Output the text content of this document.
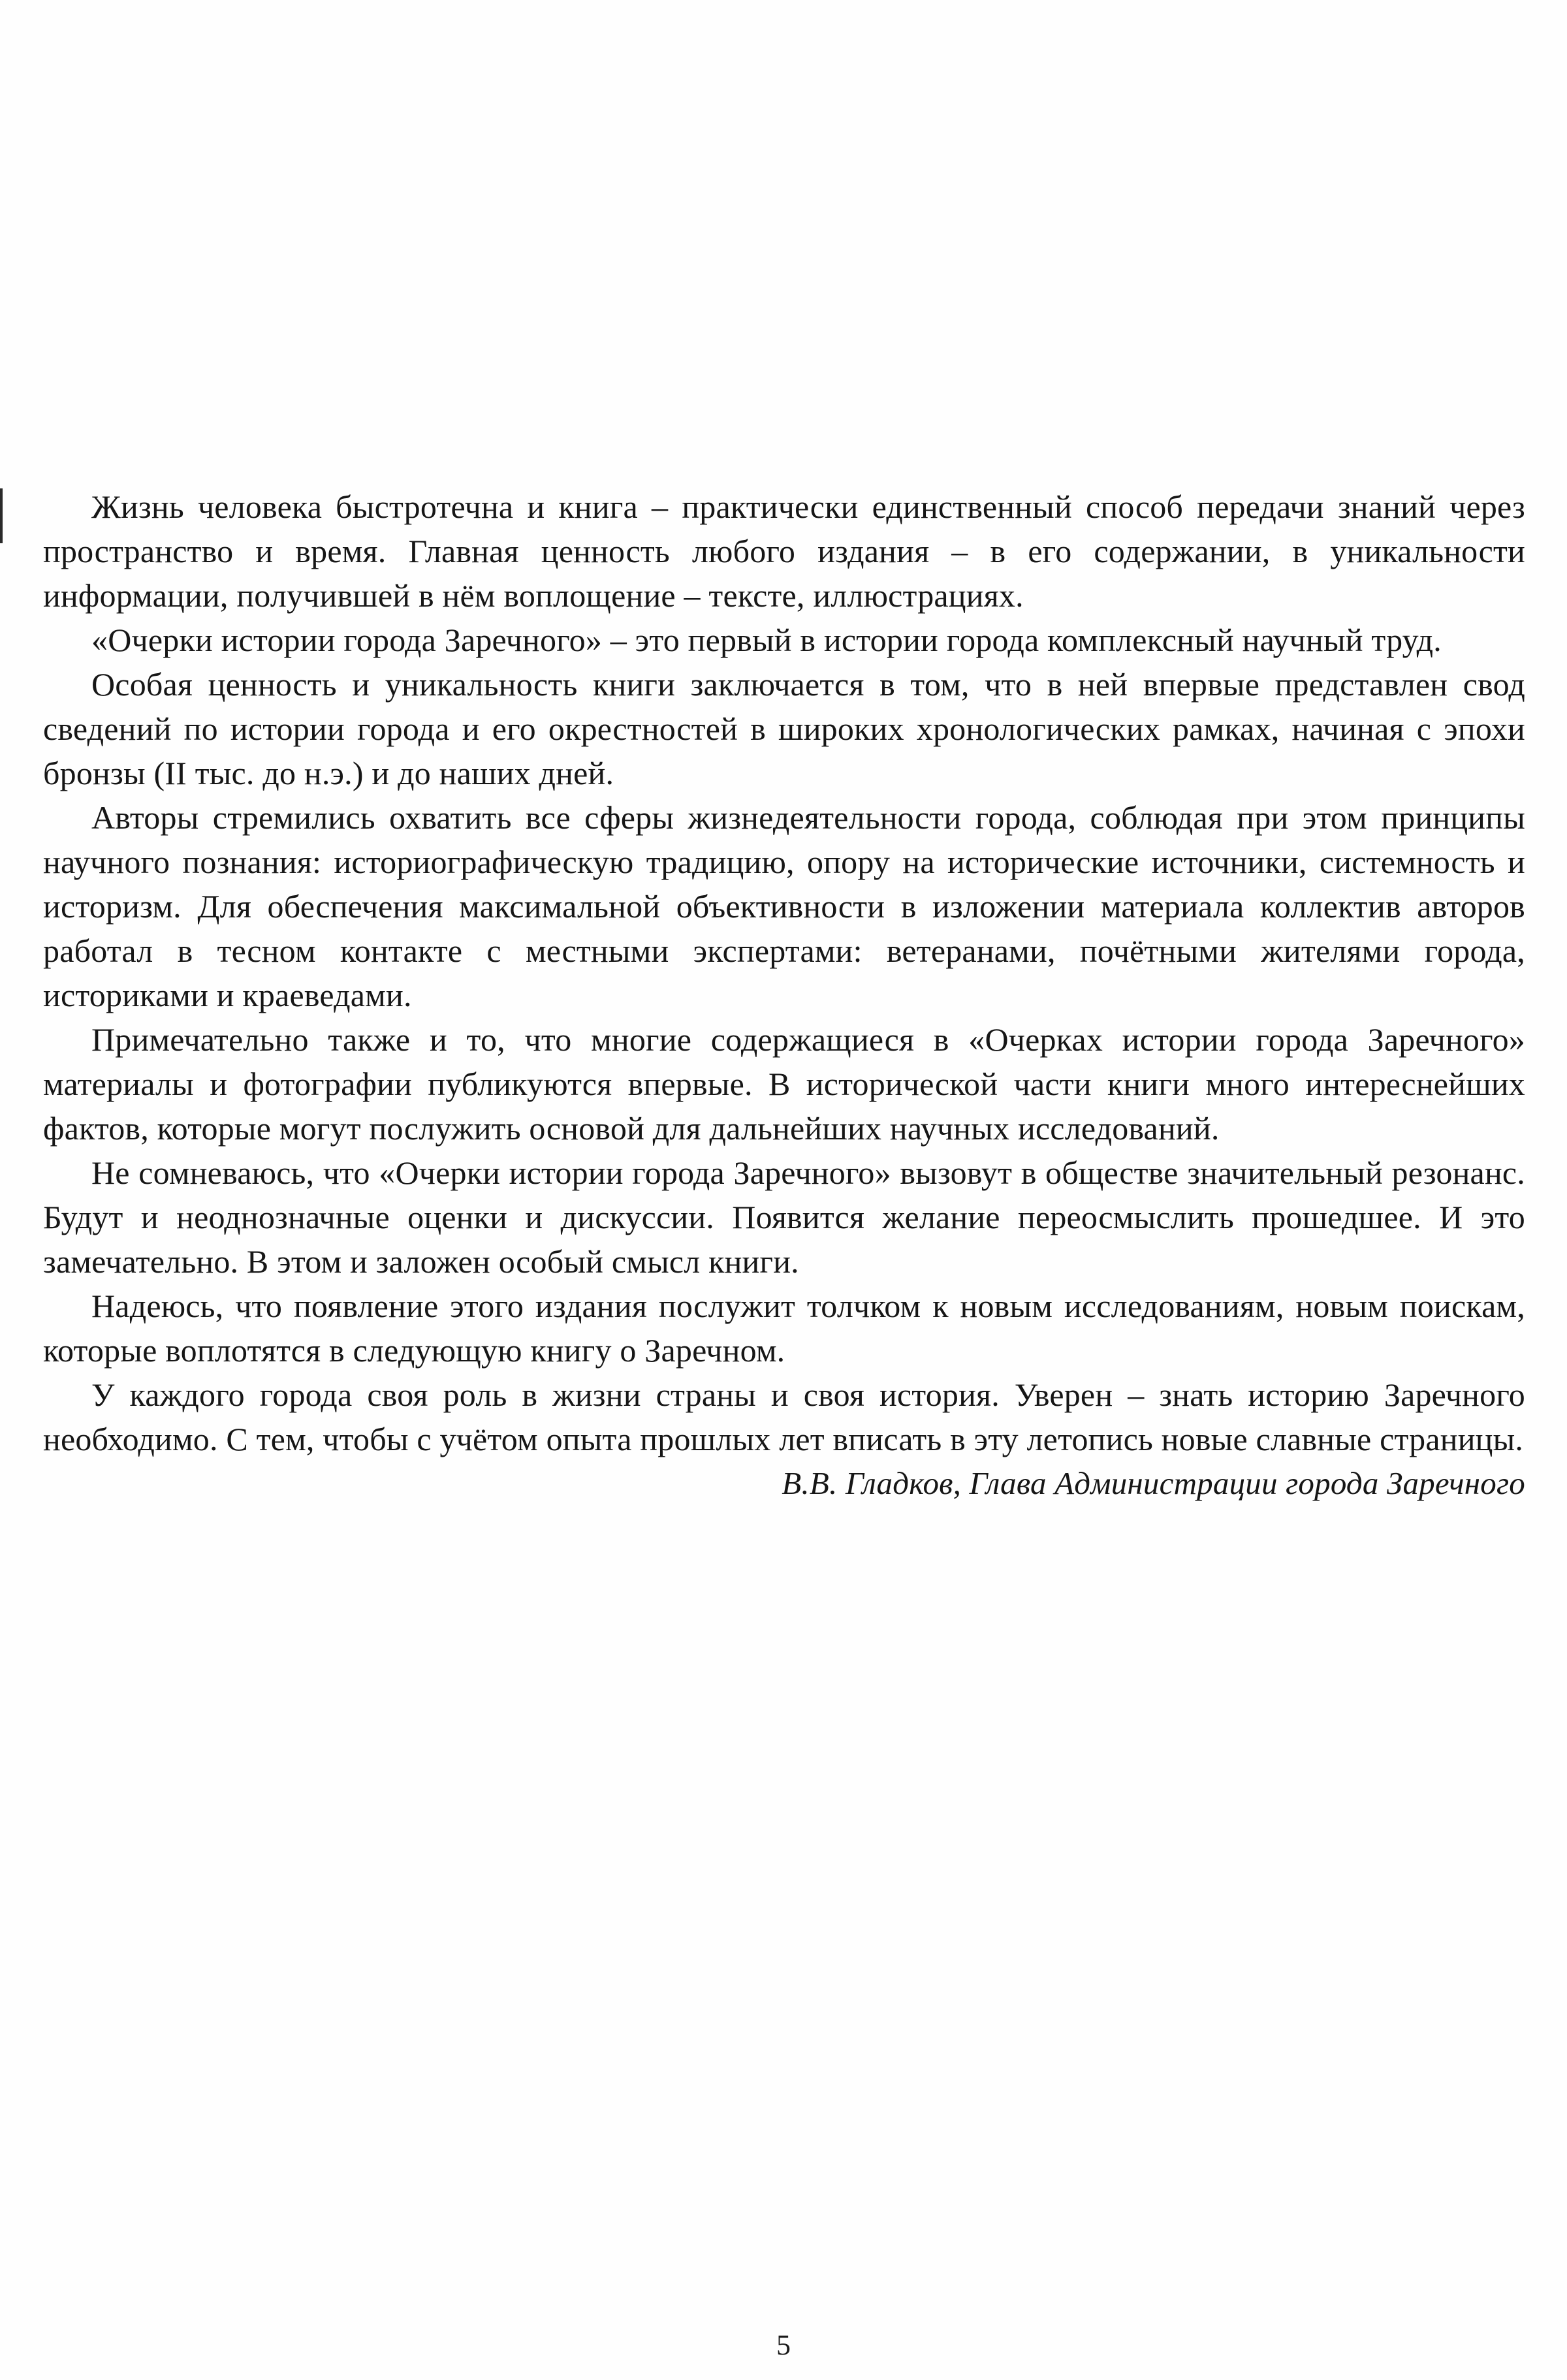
Жизнь человека быстротечна и книга – практически единственный способ передачи знаний через пространство и время. Главная ценность любого издания – в его содержании, в уникальности информации, получившей в нём воплощение – тексте, иллюстрациях.

«Очерки истории города Заречного» – это первый в истории города комплексный научный труд.

Особая ценность и уникальность книги заключается в том, что в ней впервые представлен свод сведений по истории города и его окрестностей в широких хронологических рамках, начиная с эпохи бронзы (II тыс. до н.э.) и до наших дней.

Авторы стремились охватить все сферы жизнедеятельности города, соблюдая при этом принципы научного познания: историографическую традицию, опору на исторические источники, системность и историзм. Для обеспечения максимальной объективности в изложении материала коллектив авторов работал в тесном контакте с местными экспертами: ветеранами, почётными жителями города, историками и краеведами.

Примечательно также и то, что многие содержащиеся в «Очерках истории города Заречного» материалы и фотографии публикуются впервые. В исторической части книги много интереснейших фактов, которые могут послужить основой для дальнейших научных исследований.

Не сомневаюсь, что «Очерки истории города Заречного» вызовут в обществе значительный резонанс. Будут и неоднозначные оценки и дискуссии. Появится желание переосмыслить прошедшее. И это замечательно. В этом и заложен особый смысл книги.

Надеюсь, что появление этого издания послужит толчком к новым исследованиям, новым поискам, которые воплотятся в следующую книгу о Заречном.

У каждого города своя роль в жизни страны и своя история. Уверен – знать историю Заречного необходимо. С тем, чтобы с учётом опыта прошлых лет вписать в эту летопись новые славные страницы.

В.В. Гладков, Глава Администрации города Заречного

5
